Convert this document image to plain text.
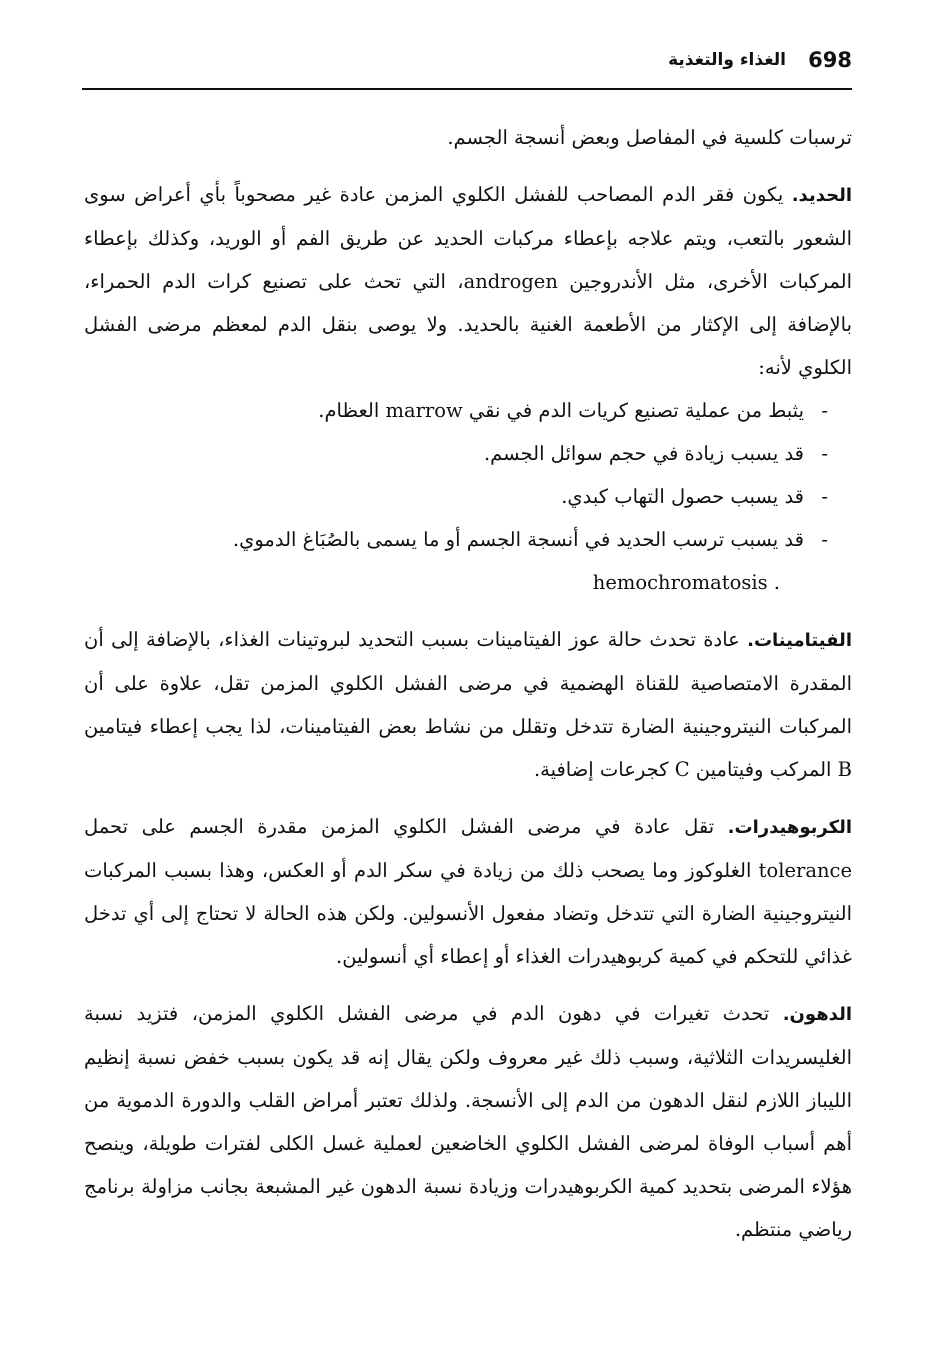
698
الغذاء والتغذية

ترسبات كلسية في المفاصل وبعض أنسجة الجسم.

الحديد. يكون فقر الدم المصاحب للفشل الكلوي المزمن عادة غير مصحوباً بأي أعراض سوى الشعور بالتعب، ويتم علاجه بإعطاء مركبات الحديد عن طريق الفم أو الوريد، وكذلك بإعطاء المركبات الأخرى، مثل الأندروجين androgen، التي تحث على تصنيع كرات الدم الحمراء، بالإضافة إلى الإكثار من الأطعمة الغنية بالحديد. ولا يوصى بنقل الدم لمعظم مرضى الفشل الكلوي لأنه:

-
يثبط من عملية تصنيع كريات الدم في نقي marrow العظام.
-
قد يسبب زيادة في حجم سوائل الجسم.
-
قد يسبب حصول التهاب كبدي.
-
قد يسبب ترسب الحديد في أنسجة الجسم أو ما يسمى بالصُبَاغ الدموي.
hemochromatosis .

الفيتامينات. عادة تحدث حالة عوز الفيتامينات بسبب التحديد لبروتينات الغذاء، بالإضافة إلى أن المقدرة الامتصاصية للقناة الهضمية في مرضى الفشل الكلوي المزمن تقل، علاوة على أن المركبات النيتروجينية الضارة تتدخل وتقلل من نشاط بعض الفيتامينات، لذا يجب إعطاء فيتامين B المركب وفيتامين C كجرعات إضافية.

الكربوهيدرات. تقل عادة في مرضى الفشل الكلوي المزمن مقدرة الجسم على تحمل tolerance الغلوكوز وما يصحب ذلك من زيادة في سكر الدم أو العكس، وهذا بسبب المركبات النيتروجينية الضارة التي تتدخل وتضاد مفعول الأنسولين. ولكن هذه الحالة لا تحتاج إلى أي تدخل غذائي للتحكم في كمية كربوهيدرات الغذاء أو إعطاء أي أنسولين.

الدهون. تحدث تغيرات في دهون الدم في مرضى الفشل الكلوي المزمن، فتزيد نسبة الغليسريدات الثلاثية، وسبب ذلك غير معروف ولكن يقال إنه قد يكون بسبب خفض نسبة إنظيم الليباز اللازم لنقل الدهون من الدم إلى الأنسجة. ولذلك تعتبر أمراض القلب والدورة الدموية من أهم أسباب الوفاة لمرضى الفشل الكلوي الخاضعين لعملية غسل الكلى لفترات طويلة، وينصح هؤلاء المرضى بتحديد كمية الكربوهيدرات وزيادة نسبة الدهون غير المشبعة بجانب مزاولة برنامج رياضي منتظم.
